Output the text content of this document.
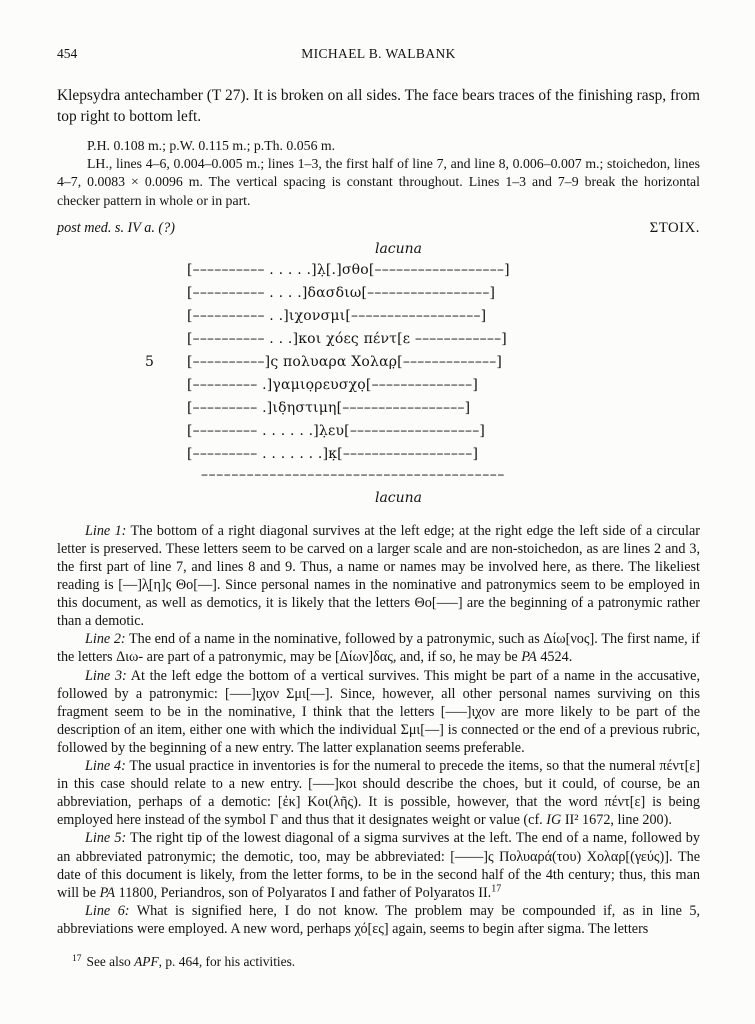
454	MICHAEL B. WALBANK

Klepsydra antechamber (T 27). It is broken on all sides. The face bears traces of the finishing rasp, from top right to bottom left.

P.H. 0.108 m.; p.W. 0.115 m.; p.Th. 0.056 m.

LH., lines 4–6, 0.004–0.005 m.; lines 1–3, the first half of line 7, and line 8, 0.006–0.007 m.; stoichedon, lines 4–7, 0.0083 × 0.0096 m. The vertical spacing is constant throughout. Lines 1–3 and 7–9 break the horizontal checker pattern in whole or in part.

post med. s. IV a. (?)	ΣΤΟΙΧ.
lacuna
[–––––––––– . . . . .]λ̣[.]σθο[––––––––––––––––––]
[–––––––––– . . . .]δασδιω[–––––––––––––––––]
[–––––––––– . .]ιχονσμι[––––––––––––––––––]
[–––––––––– . . .]κοι χόες πέντ[ε ––––––––––––]
5	[––––––––––]ς πολυαρα Χολαρ̣[–––––––––––––]
[––––––––– .]γαμιο̣ρευσχο̣[––––––––––––––]
[––––––––– .]ιδ̣ηστιμη[–––––––––––––––––]
[––––––––– . . . . . .]λ̣ευ[––––––––––––––––––]
[––––––––– . . . . . . .]κ̣[––––––––––––––––––]
––––––––––––––––––––––––––––––––––––––––
lacuna

Line 1: The bottom of a right diagonal survives at the left edge; at the right edge the left side of a circular letter is preserved. These letters seem to be carved on a larger scale and are non-stoichedon, as are lines 2 and 3, the first part of line 7, and lines 8 and 9. Thus, a name or names may be involved here, as there. The likeliest reading is [––]λ̣[η]ς Θο[––]. Since personal names in the nominative and patronymics seem to be employed in this document, as well as demotics, it is likely that the letters Θο[–––] are the beginning of a patronymic rather than a demotic.

Line 2: The end of a name in the nominative, followed by a patronymic, such as Δίω[νος]. The first name, if the letters Διω- are part of a patronymic, may be [Δίων]δας, and, if so, he may be PA 4524.

Line 3: At the left edge the bottom of a vertical survives. This might be part of a name in the accusative, followed by a patronymic: [–––]ι̣χον Σμι[––]. Since, however, all other personal names surviving on this fragment seem to be in the nominative, I think that the letters [–––]ι̣χον are more likely to be part of the description of an item, either one with which the individual Σμι[––] is connected or the end of a previous rubric, followed by the beginning of a new entry. The latter explanation seems preferable.

Line 4: The usual practice in inventories is for the numeral to precede the items, so that the numeral πέντ[ε] in this case should relate to a new entry. [–––]κοι should describe the choes, but it could, of course, be an abbreviation, perhaps of a demotic: [ἐκ] Κοι(λῆς). It is possible, however, that the word πέντ[ε] is being employed here instead of the symbol Γ and thus that it designates weight or value (cf. IG II² 1672, line 200).

Line 5: The right tip of the lowest diagonal of a sigma survives at the left. The end of a name, followed by an abbreviated patronymic; the demotic, too, may be abbreviated: [––––]ς Πολυαρά(του) Χολαρ[(γεύς)]. The date of this document is likely, from the letter forms, to be in the second half of the 4th century; thus, this man will be PA 11800, Periandros, son of Polyaratos I and father of Polyaratos II.$^{17}$

Line 6: What is signified here, I do not know. The problem may be compounded if, as in line 5, abbreviations were employed. A new word, perhaps χό[ες] again, seems to begin after sigma. The letters

$^{17}$ See also APF, p. 464, for his activities.
